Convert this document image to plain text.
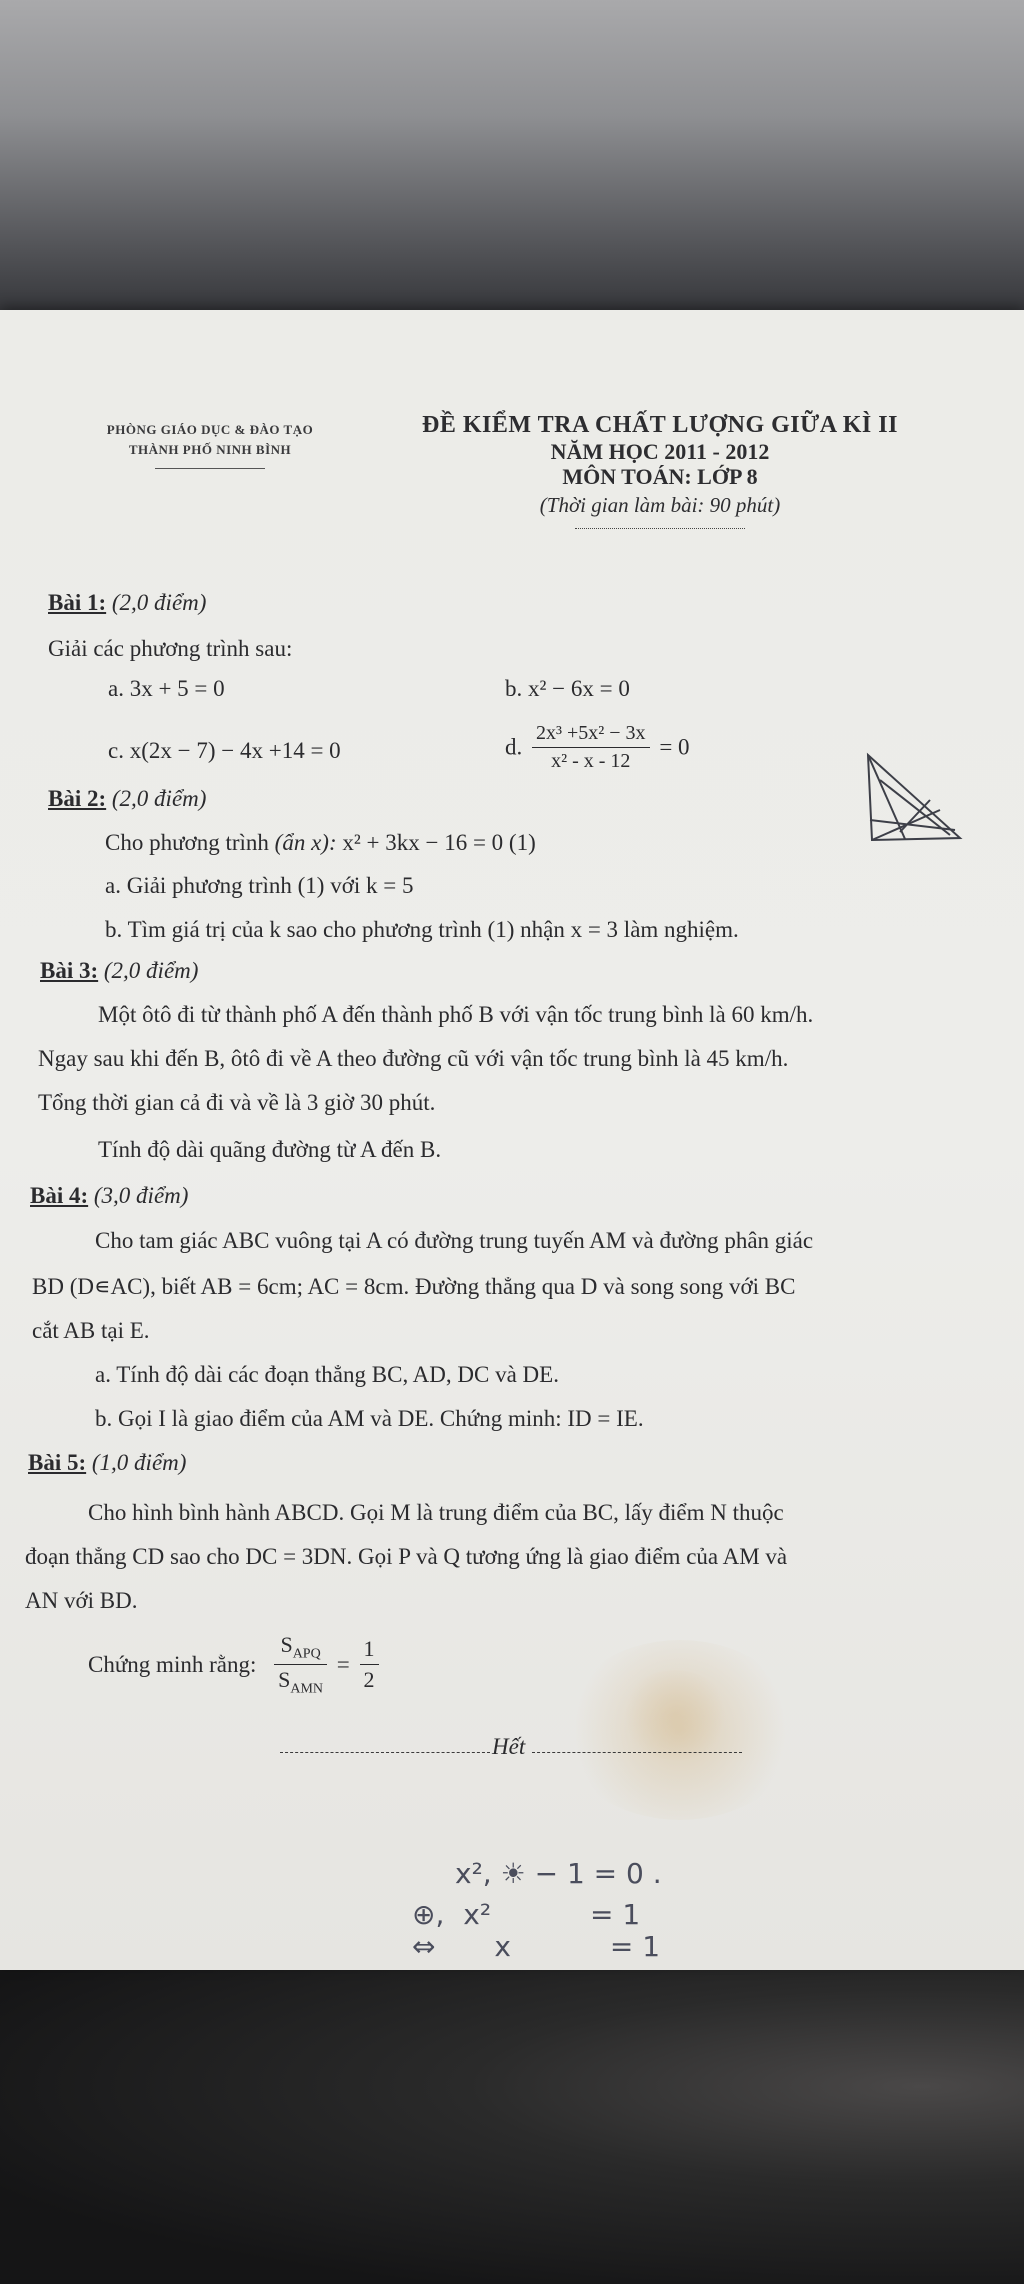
PHÒNG GIÁO DỤC & ĐÀO TẠO
THÀNH PHỐ NINH BÌNH
ĐỀ KIỂM TRA CHẤT LƯỢNG GIỮA KÌ II
NĂM HỌC 2011 - 2012
MÔN TOÁN: LỚP 8
(Thời gian làm bài: 90 phút)
Bài 1: (2,0 điểm)
Giải các phương trình sau:
a. 3x + 5 = 0	b. x² − 6x = 0
c. x(2x − 7) − 4x +14 = 0	d. $\frac{\text{2x³ +5x² − 3x}}{\text{x² - x - 12}} = 0$
Bài 2: (2,0 điểm)
Cho phương trình (ẩn x): x² + 3kx − 16 = 0 (1)
a. Giải phương trình (1) với k = 5
b. Tìm giá trị của k sao cho phương trình (1) nhận x = 3 làm nghiệm.
Bài 3: (2,0 điểm)
Một ôtô đi từ thành phố A đến thành phố B với vận tốc trung bình là 60 km/h.
Ngay sau khi đến B, ôtô đi về A theo đường cũ với vận tốc trung bình là 45 km/h.
Tổng thời gian cả đi và về là 3 giờ 30 phút.
Tính độ dài quãng đường từ A đến B.
Bài 4: (3,0 điểm)
Cho tam giác ABC vuông tại A có đường trung tuyến AM và đường phân giác
BD (D∊AC), biết AB = 6cm; AC = 8cm. Đường thẳng qua D và song song với BC
cắt AB tại E.
a. Tính độ dài các đoạn thẳng BC, AD, DC và DE.
b. Gọi I là giao điểm của AM và DE. Chứng minh: ID = IE.
Bài 5: (1,0 điểm)
Cho hình bình hành ABCD. Gọi M là trung điểm của BC, lấy điểm N thuộc
đoạn thẳng CD sao cho DC = 3DN. Gọi P và Q tương ứng là giao điểm của AM và
AN với BD.
Chứng minh rằng: $\frac{S_{APQ}}{S_{AMN}} = \frac{1}{2}$
Hết
x², ☀ − 1 = 0 .
⊕, x²	= 1
⇔ x	= 1
